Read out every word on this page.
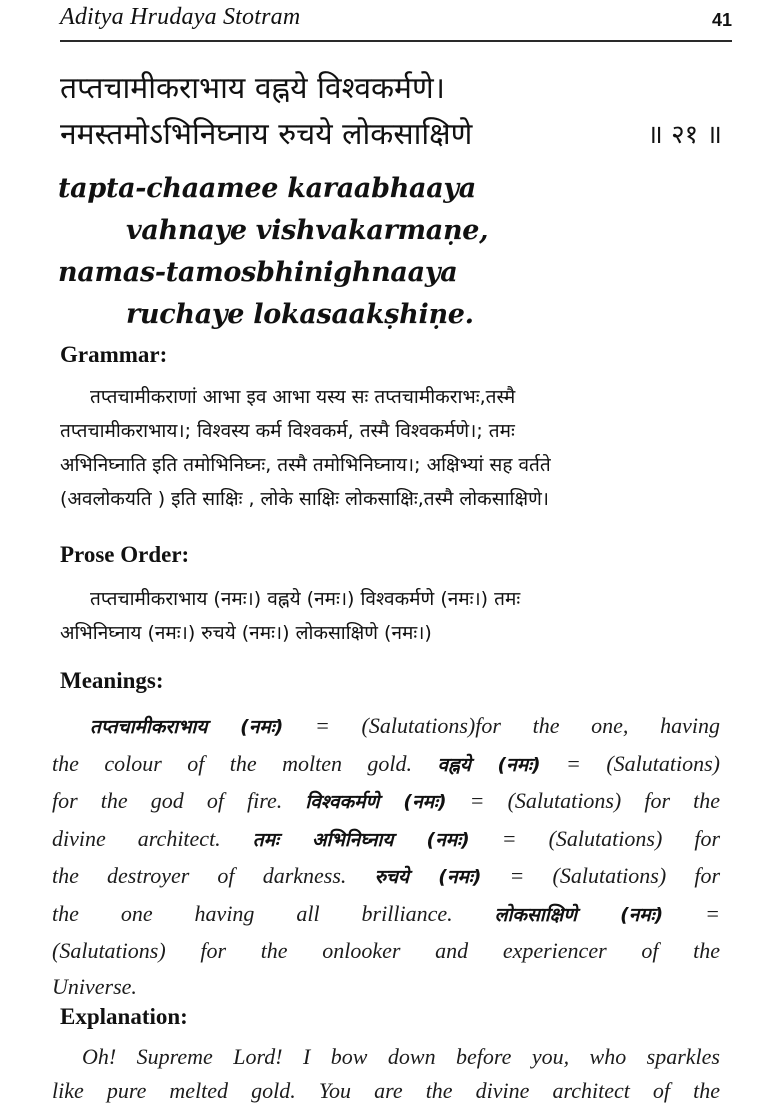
Aditya Hrudaya Stotram	41
तप्तचामीकराभाय वह्नये विश्वकर्मणे।
नमस्तमोऽभिनिघ्नाय रुचये लोकसाक्षिणे	॥ २१ ॥
tapta-chaamee karaabhaaya
vahnaye vishvakarmaṇe,
namas-tamosbhinighnaaya
ruchaye lokasaakṣhiṇe.
Grammar:
तप्तचामीकराणां आभा इव आभा यस्य सः तप्तचामीकराभः,तस्मै
तप्तचामीकराभाय।; विश्वस्य कर्म विश्वकर्म, तस्मै विश्वकर्मणे।; तमः
अभिनिघ्नाति इति तमोभिनिघ्नः, तस्मै तमोभिनिघ्नाय।; अक्षिभ्यां सह वर्तते
(अवलोकयति ) इति साक्षिः , लोके साक्षिः लोकसाक्षिः,तस्मै लोकसाक्षिणे।
Prose Order:
तप्तचामीकराभाय (नमः।) वह्नये (नमः।) विश्वकर्मणे (नमः।) तमः
अभिनिघ्नाय (नमः।) रुचये (नमः।) लोकसाक्षिणे (नमः।)
Meanings:
तप्तचामीकराभाय (नमः) = (Salutations)for the one, having
the colour of the molten gold. वह्नये (नमः) = (Salutations)
for the god of fire. विश्वकर्मणे (नमः) = (Salutations) for the
divine architect. तमः अभिनिघ्नाय (नमः) = (Salutations) for
the destroyer of darkness. रुचये (नमः) = (Salutations) for
the one having all brilliance. लोकसाक्षिणे (नमः) =
(Salutations) for the onlooker and experiencer of the
Universe.
Explanation:
Oh! Supreme Lord! I bow down before you, who sparkles
like pure melted gold. You are the divine architect of the
